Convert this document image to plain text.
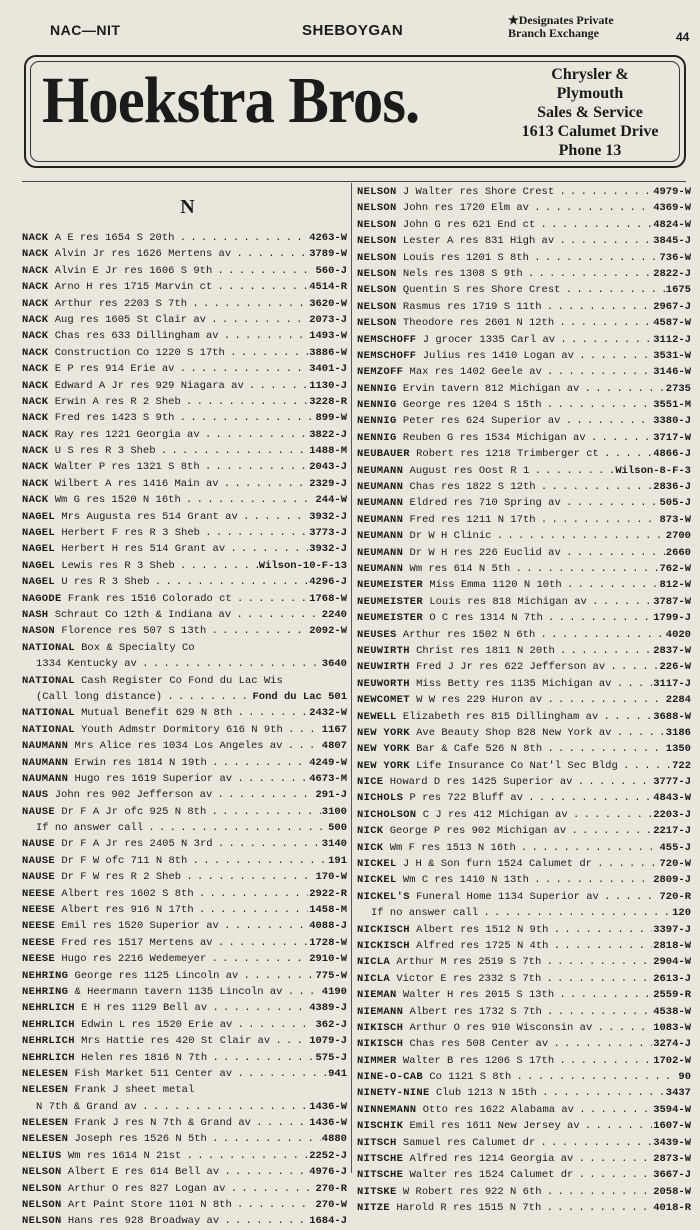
NAC—NIT	SHEBOYGAN
★Designates Private
Branch Exchange	44
Hoekstra Bros.	Chrysler &
Plymouth
Sales & Service
1613 Calumet Drive
Phone 13
N
NACK A E res 1654 S 20th . . .	4263-W
NACK Alvin Jr res 1626 Mertens av . . .	3789-W
NACK Alvin E Jr res 1606 S 9th . . .	560-J
NACK Arno H res 1715 Marvin ct . . .	4514-R
NACK Arthur res 2203 S 7th . . .	3620-W
NACK Aug res 1605 St Clair av . . .	2073-J
NACK Chas res 633 Dillingham av . . .	1493-W
NACK Construction Co 1220 S 17th . . .	3886-W
NACK E P res 914 Erie av . . .	3401-J
NACK Edward A Jr res 929 Niagara av . . .	1130-J
NACK Erwin A res R 2 Sheb . . .	3228-R
NACK Fred res 1423 S 9th . . .	899-W
NACK Ray res 1221 Georgia av . . .	3822-J
NACK U S res R 3 Sheb . . .	1488-M
NACK Walter P res 1321 S 8th . . .	2043-J
NACK Wilbert A res 1416 Main av . . .	2329-J
NACK Wm G res 1520 N 16th . . .	244-W
NAGEL Mrs Augusta res 514 Grant av . . .	3932-J
NAGEL Herbert F res R 3 Sheb . . .	3773-J
NAGEL Herbert H res 514 Grant av . . .	3932-J
NAGEL Lewis res R 3 Sheb . . .	Wilson-10-F-13
NAGEL U res R 3 Sheb . . .	4296-J
NAGODE Frank res 1516 Colorado ct . . .	1768-W
NASH Schraut Co 12th & Indiana av . . .	2240
NASON Florence res 507 S 13th . . .	2092-W
NATIONAL Box & Specialty Co
1334 Kentucky av . . .	3640
NATIONAL Cash Register Co Fond du Lac Wis
(Call long distance) . . .	Fond du Lac 501
NATIONAL Mutual Benefit 629 N 8th . . .	2432-W
NATIONAL Youth Admstr Dormitory 616 N 9th . . .	1167
NAUMANN Mrs Alice res 1034 Los Angeles av . . .	4807
NAUMANN Erwin res 1814 N 19th . . .	4249-W
NAUMANN Hugo res 1619 Superior av . . .	4673-M
NAUS John res 902 Jefferson av . . .	291-J
NAUSE Dr F A Jr ofc 925 N 8th . . .	3100
If no answer call . . .	500
NAUSE Dr F A Jr res 2405 N 3rd . . .	3140
NAUSE Dr F W ofc 711 N 8th . . .	191
NAUSE Dr F W res R 2 Sheb . . .	170-W
NEESE Albert res 1602 S 8th . . .	2922-R
NEESE Albert res 916 N 17th . . .	1458-M
NEESE Emil res 1520 Superior av . . .	4088-J
NEESE Fred res 1517 Mertens av . . .	1728-W
NEESE Hugo res 2216 Wedemeyer . . .	2910-W
NEHRING George res 1125 Lincoln av . . .	775-W
NEHRING & Heermann tavern 1135 Lincoln av . . .	4190
NEHRLICH E H res 1129 Bell av . . .	4389-J
NEHRLICH Edwin L res 1520 Erie av . . .	362-J
NEHRLICH Mrs Hattie res 420 St Clair av . . .	1079-J
NEHRLICH Helen res 1816 N 7th . . .	575-J
NELESEN Fish Market 511 Center av . . .	941
NELESEN Frank J sheet metal
N 7th & Grand av . . .	1436-W
NELESEN Frank J res N 7th & Grand av . . .	1436-W
NELESEN Joseph res 1526 N 5th . . .	4880
NELIUS Wm res 1614 N 21st . . .	2252-J
NELSON Albert E res 614 Bell av . . .	4976-J
NELSON Arthur O res 827 Logan av . . .	270-R
NELSON Art Paint Store 1101 N 8th . . .	270-W
NELSON Hans res 928 Broadway av . . .	1684-J
NELSON J Walter res Shore Crest . . .	4979-W
NELSON John res 1720 Elm av . . .	4369-W
NELSON John G res 621 End ct . . .	4824-W
NELSON Lester A res 831 High av . . .	3845-J
NELSON Louis res 1201 S 8th . . .	736-W
NELSON Nels res 1308 S 9th . . .	2822-J
NELSON Quentin S res Shore Crest . . .	1675
NELSON Rasmus res 1719 S 11th . . .	2967-J
NELSON Theodore res 2601 N 12th . . .	4587-W
NEMSCHOFF J grocer 1335 Carl av . . .	3112-J
NEMSCHOFF Julius res 1410 Logan av . . .	3531-W
NEMZOFF Max res 1402 Geele av . . .	3146-W
NENNIG Ervin tavern 812 Michigan av . . .	2735
NENNIG George res 1204 S 15th . . .	3551-M
NENNIG Peter res 624 Superior av . . .	3380-J
NENNIG Reuben G res 1534 Michigan av . . .	3717-W
NEUBAUER Robert res 1218 Trimberger ct . . .	4866-J
NEUMANN August res Oost R 1 . . .	Wilson-8-F-3
NEUMANN Chas res 1822 S 12th . . .	2836-J
NEUMANN Eldred res 710 Spring av . . .	505-J
NEUMANN Fred res 1211 N 17th . . .	873-W
NEUMANN Dr W H Clinic . . .	2700
NEUMANN Dr W H res 226 Euclid av . . .	2660
NEUMANN Wm res 614 N 5th . . .	762-W
NEUMEISTER Miss Emma 1120 N 10th . . .	812-W
NEUMEISTER Louis res 818 Michigan av . . .	3787-W
NEUMEISTER O C res 1314 N 7th . . .	1799-J
NEUSES Arthur res 1502 N 6th . . .	4020
NEUWIRTH Christ res 1811 N 20th . . .	2837-W
NEUWIRTH Fred J Jr res 622 Jefferson av . . .	226-W
NEUWORTH Miss Betty res 1135 Michigan av . . .	3117-J
NEWCOMET W W res 229 Huron av . . .	2284
NEWELL Elizabeth res 815 Dillingham av . . .	3688-W
NEW YORK Ave Beauty Shop 828 New York av . . .	3186
NEW YORK Bar & Cafe 526 N 8th . . .	1350
NEW YORK Life Insurance Co Nat'l Sec Bldg . . .	722
NICE Howard D res 1425 Superior av . . .	3777-J
NICHOLS P res 722 Bluff av . . .	4843-W
NICHOLSON C J res 412 Michigan av . . .	2203-J
NICK George P res 902 Michigan av . . .	2217-J
NICK Wm F res 1513 N 16th . . .	455-J
NICKEL J H & Son furn 1524 Calumet dr . . .	720-W
NICKEL Wm C res 1410 N 13th . . .	2809-J
NICKEL'S Funeral Home 1134 Superior av . . .	720-R
If no answer call . . .	120
NICKISCH Albert res 1512 N 9th . . .	3397-J
NICKISCH Alfred res 1725 N 4th . . .	2818-W
NICLA Arthur M res 2519 S 7th . . .	2904-W
NICLA Victor E res 2332 S 7th . . .	2613-J
NIEMAN Walter H res 2015 S 13th . . .	2559-R
NIEMANN Albert res 1732 S 7th . . .	4538-W
NIKISCH Arthur O res 910 Wisconsin av . . .	1083-W
NIKISCH Chas res 508 Center av . . .	3274-J
NIMMER Walter B res 1206 S 17th . . .	1702-W
NINE-O-CAB Co 1121 S 8th . . .	90
NINETY-NINE Club 1213 N 15th . . .	3437
NINNEMANN Otto res 1622 Alabama av . . .	3594-W
NISCHIK Emil res 1611 New Jersey av . . .	1607-W
NITSCH Samuel res Calumet dr . . .	3439-W
NITSCHE Alfred res 1214 Georgia av . . .	2873-W
NITSCHE Walter res 1524 Calumet dr . . .	3667-J
NITSKE W Robert res 922 N 6th . . .	2058-W
NITZE Harold R res 1515 N 7th . . .	4018-R
